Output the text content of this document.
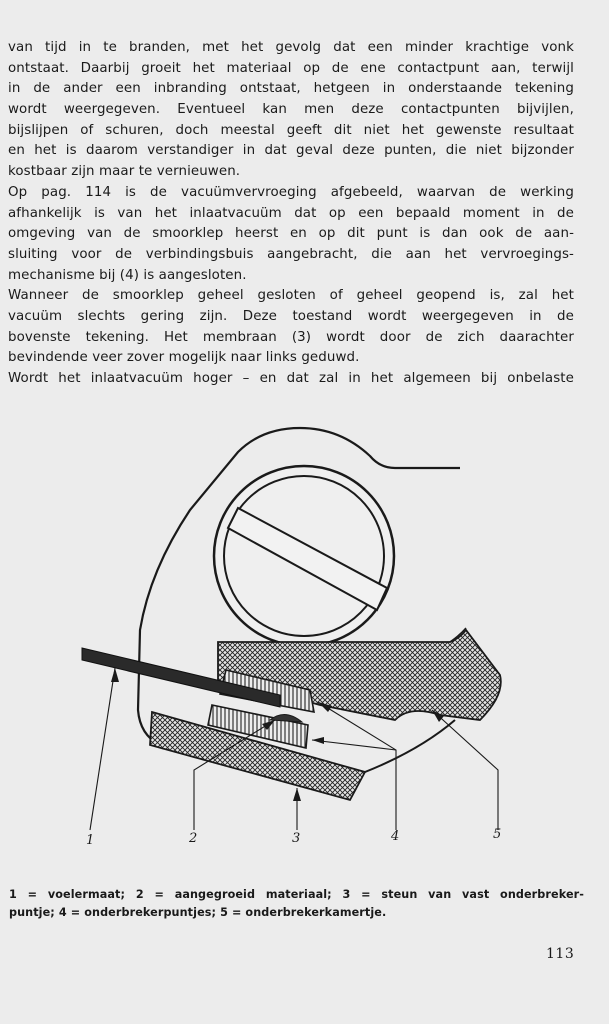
van tijd in te branden, met het gevolg dat een minder krachtige vonk
ontstaat. Daarbij groeit het materiaal op de ene contactpunt aan, terwijl
in de ander een inbranding ontstaat, hetgeen in onderstaande tekening
wordt weergegeven. Eventueel kan men deze contactpunten bijvijlen,
bijslijpen of schuren, doch meestal geeft dit niet het gewenste resultaat
en het is daarom verstandiger in dat geval deze punten, die niet bijzonder
kostbaar zijn maar te vernieuwen.
Op pag. 114 is de vacuümvervroeging afgebeeld, waarvan de werking
afhankelijk is van het inlaatvacuüm dat op een bepaald moment in de
omgeving van de smoorklep heerst en op dit punt is dan ook de aan-
sluiting voor de verbindingsbuis aangebracht, die aan het vervroegings-
mechanisme bij (4) is aangesloten.
Wanneer de smoorklep geheel gesloten of geheel geopend is, zal het
vacuüm slechts gering zijn. Deze toestand wordt weergegeven in de
bovenste tekening. Het membraan (3) wordt door de zich daarachter
bevindende veer zover mogelijk naar links geduwd.
Wordt het inlaatvacuüm hoger – en dat zal in het algemeen bij onbelaste
1	2	3	4	5
1 = voelermaat; 2 = aangegroeid materiaal; 3 = steun van vast onderbreker-
puntje; 4 = onderbrekerpuntjes; 5 = onderbrekerkamertje.
113
